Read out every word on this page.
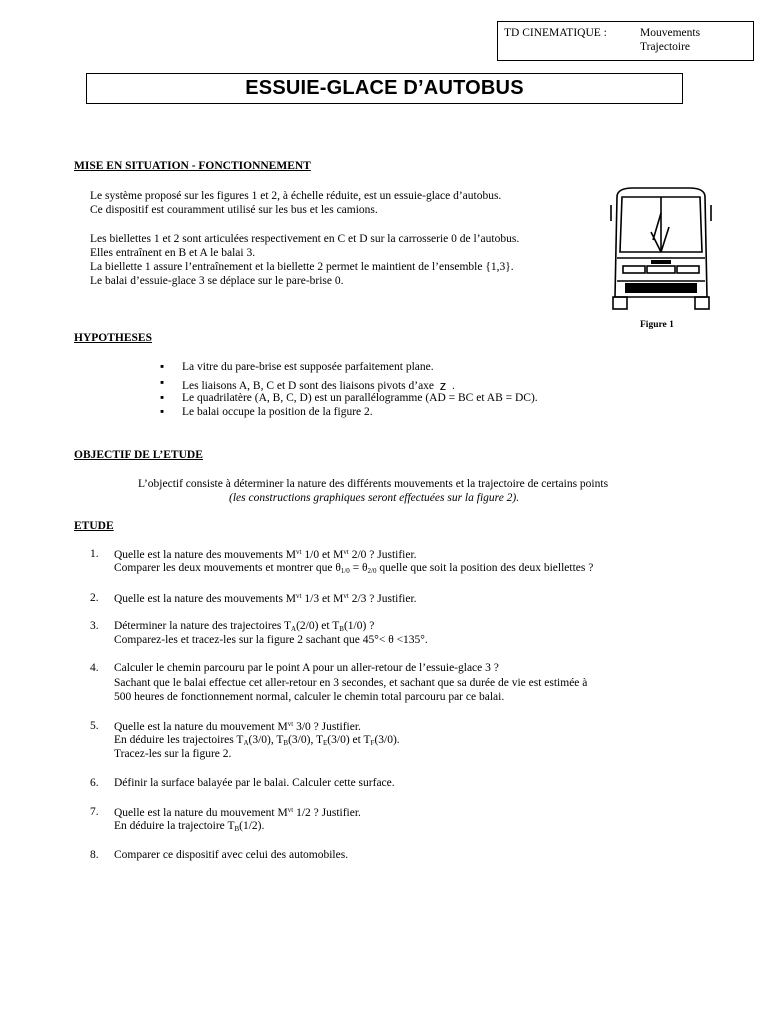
TD CINEMATIQUE :	Mouvements
Trajectoire
ESSUIE-GLACE D’AUTOBUS
MISE EN SITUATION - FONCTIONNEMENT
Le système proposé sur les figures 1 et 2, à échelle réduite, est un essuie-glace d’autobus.
Ce dispositif est couramment utilisé sur les bus et les camions.
Les biellettes 1 et 2 sont articulées respectivement en C et D sur la carrosserie 0 de l’autobus.
Elles entraînent en B et A le balai 3.
La biellette 1 assure l’entraînement et la biellette 2 permet le maintient de l’ensemble {1,3}.
Le balai d’essuie-glace 3 se déplace sur le pare-brise 0.
Figure 1
HYPOTHESES
▪ La vitre du pare-brise est supposée parfaitement plane.
▪ Les liaisons A, B, C et D sont des liaisons pivots d’axe z .
▪ Le quadrilatère (A, B, C, D) est un parallélogramme (AD = BC et AB = DC).
▪ Le balai occupe la position de la figure 2.
OBJECTIF DE L’ETUDE
L’objectif consiste à déterminer la nature des différents mouvements et la trajectoire de certains points
(les constructions graphiques seront effectuées sur la figure 2).
ETUDE
1. Quelle est la nature des mouvements $M^{vt}$ 1/0 et $M^{vt}$ 2/0 ? Justifier.
Comparer les deux mouvements et montrer que $\theta_{1/0} = \theta_{2/0}$ quelle que soit la position des deux biellettes ?
2. Quelle est la nature des mouvements $M^{vt}$ 1/3 et $M^{vt}$ 2/3 ? Justifier.
3. Déterminer la nature des trajectoires $T_A(2/0)$ et $T_B(1/0)$ ?
Comparez-les et tracez-les sur la figure 2 sachant que 45°< θ <135°.
4. Calculer le chemin parcouru par le point A pour un aller-retour de l’essuie-glace 3 ?
Sachant que le balai effectue cet aller-retour en 3 secondes, et sachant que sa durée de vie est estimée à
500 heures de fonctionnement normal, calculer le chemin total parcouru par ce balai.
5. Quelle est la nature du mouvement $M^{vt}$ 3/0 ? Justifier.
En déduire les trajectoires $T_A(3/0)$, $T_B(3/0)$, $T_E(3/0)$ et $T_F(3/0)$.
Tracez-les sur la figure 2.
6. Définir la surface balayée par le balai. Calculer cette surface.
7. Quelle est la nature du mouvement $M^{vt}$ 1/2 ? Justifier.
En déduire la trajectoire $T_B(1/2)$.
8. Comparer ce dispositif avec celui des automobiles.
